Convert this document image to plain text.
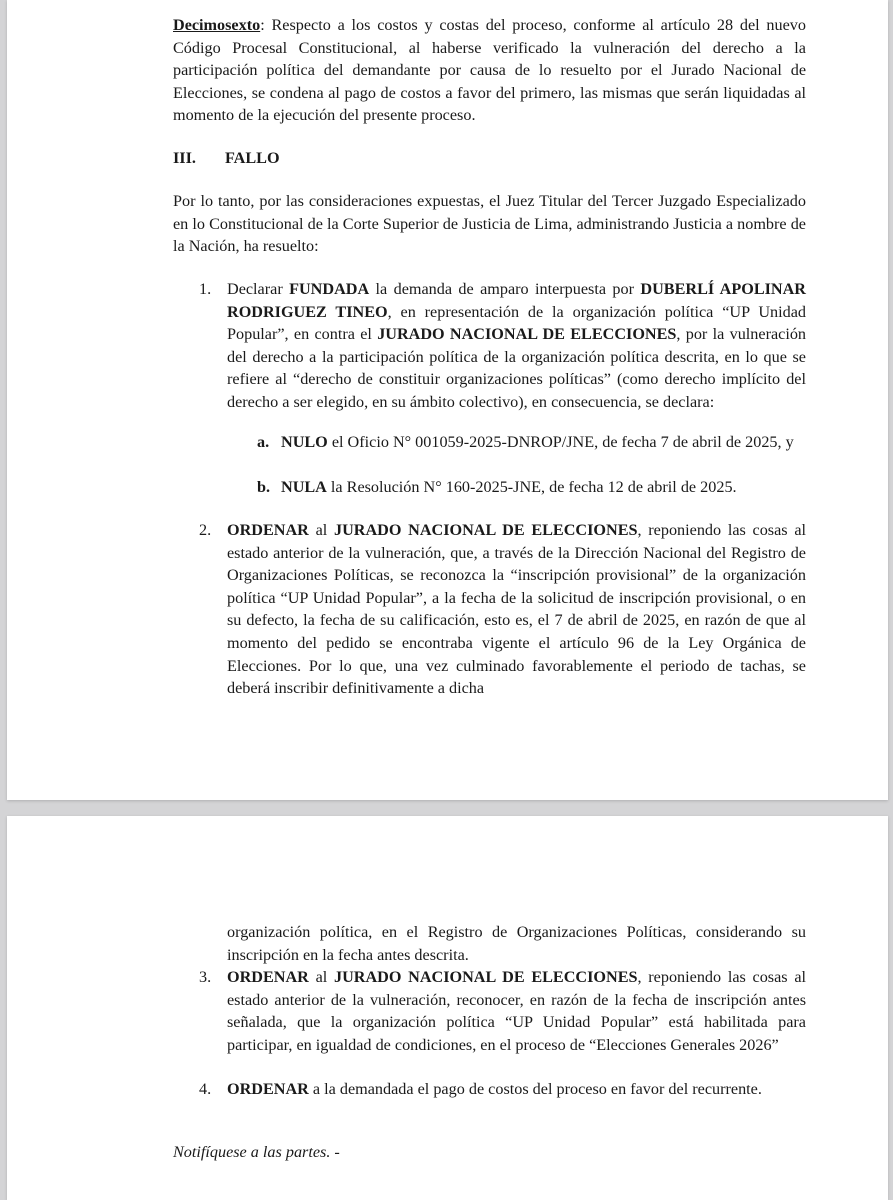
Decimosexto: Respecto a los costos y costas del proceso, conforme al artículo 28 del nuevo Código Procesal Constitucional, al haberse verificado la vulneración del derecho a la participación política del demandante por causa de lo resuelto por el Jurado Nacional de Elecciones, se condena al pago de costos a favor del primero, las mismas que serán liquidadas al momento de la ejecución del presente proceso.

III. FALLO

Por lo tanto, por las consideraciones expuestas, el Juez Titular del Tercer Juzgado Especializado en lo Constitucional de la Corte Superior de Justicia de Lima, administrando Justicia a nombre de la Nación, ha resuelto:

1. Declarar FUNDADA la demanda de amparo interpuesta por DUBERLÍ APOLINAR RODRIGUEZ TINEO, en representación de la organización política “UP Unidad Popular”, en contra el JURADO NACIONAL DE ELECCIONES, por la vulneración del derecho a la participación política de la organización política descrita, en lo que se refiere al “derecho de constituir organizaciones políticas” (como derecho implícito del derecho a ser elegido, en su ámbito colectivo), en consecuencia, se declara:
a. NULO el Oficio N° 001059-2025-DNROP/JNE, de fecha 7 de abril de 2025, y
b. NULA la Resolución N° 160-2025-JNE, de fecha 12 de abril de 2025.
2. ORDENAR al JURADO NACIONAL DE ELECCIONES, reponiendo las cosas al estado anterior de la vulneración, que, a través de la Dirección Nacional del Registro de Organizaciones Políticas, se reconozca la “inscripción provisional” de la organización política “UP Unidad Popular”, a la fecha de la solicitud de inscripción provisional, o en su defecto, la fecha de su calificación, esto es, el 7 de abril de 2025, en razón de que al momento del pedido se encontraba vigente el artículo 96 de la Ley Orgánica de Elecciones. Por lo que, una vez culminado favorablemente el periodo de tachas, se deberá inscribir definitivamente a dicha
organización política, en el Registro de Organizaciones Políticas, considerando su inscripción en la fecha antes descrita.
3. ORDENAR al JURADO NACIONAL DE ELECCIONES, reponiendo las cosas al estado anterior de la vulneración, reconocer, en razón de la fecha de inscripción antes señalada, que la organización política “UP Unidad Popular” está habilitada para participar, en igualdad de condiciones, en el proceso de “Elecciones Generales 2026”
4. ORDENAR a la demandada el pago de costos del proceso en favor del recurrente.
Notifíquese a las partes. -
